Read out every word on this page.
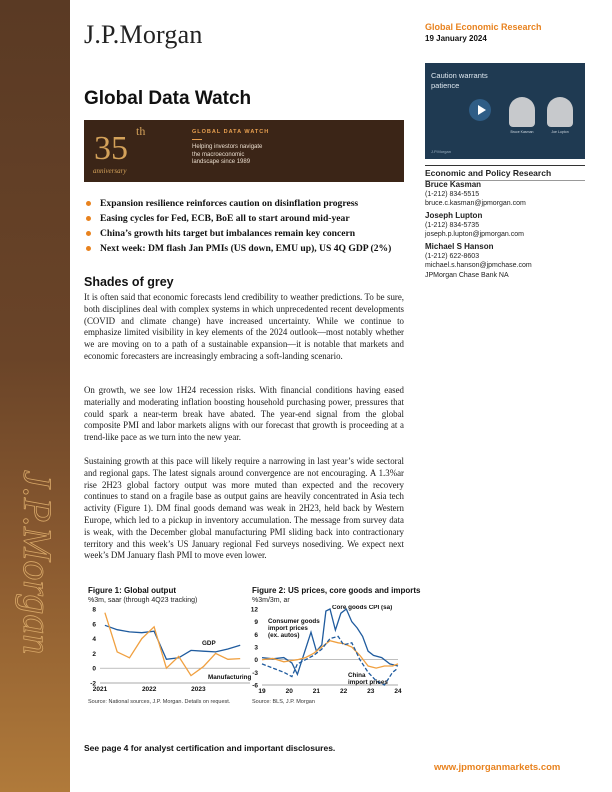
J.P.Morgan
J.P.Morgan	Global Economic Research
19 January 2024
Caution warrants patience
Bruce Kasman	Joe Lupton
J.P.Morgan
Global Data Watch
35 th
anniversary
GLOBAL DATA WATCH
Helping investors navigate
the macroeconomic
landscape since 1989
Economic and Policy Research
Bruce Kasman
(1-212) 834-5515
bruce.c.kasman@jpmorgan.com
Joseph Lupton
(1-212) 834-5735
joseph.p.lupton@jpmorgan.com
Michael S Hanson
(1-212) 622-8603
michael.s.hanson@jpmchase.com
JPMorgan Chase Bank NA
Expansion resilience reinforces caution on disinflation progress
Easing cycles for Fed, ECB, BoE all to start around mid-year
China’s growth hits target but imbalances remain key concern
Next week: DM flash Jan PMIs (US down, EMU up), US 4Q GDP (2%)
Shades of grey
It is often said that economic forecasts lend credibility to weather predictions. To be sure, both disciplines deal with complex systems in which unprecedented recent developments (COVID and climate change) have increased uncertainty. While we continue to emphasize limited visibility in key elements of the 2024 outlook—most notably whether we are moving on to a path of a sustainable expansion—it is notable that markets and economic forecasters are increasingly embracing a soft-landing scenario.
On growth, we see low 1H24 recession risks. With financial conditions having eased materially and moderating inflation boosting household purchasing power, pressures that could spark a near-term break have abated. The year-end signal from the global composite PMI and labor markets aligns with our forecast that growth is proceeding at a trend-like pace as we turn into the new year.
Sustaining growth at this pace will likely require a narrowing in last year’s wide sectoral and regional gaps. The latest signals around convergence are not encouraging. A 1.3%ar rise 2H23 global factory output was more muted than expected and the recovery continues to stand on a fragile base as output gains are heavily concentrated in Asia tech activity (Figure 1). DM final goods demand was weak in 2H23, held back by Western Europe, which led to a pickup in inventory accumulation. The message from survey data is weak, with the December global manufacturing PMI sliding back into contractionary territory and this week’s US January regional Fed surveys nosediving. We expect next week’s DM January flash PMI to move even lower.
Figure 1: Global output
%3m, saar (through 4Q23 tracking)
8
6
4
2
0
-2
2021	2022	2023
GDP
Manufacturing
Source: National sources, J.P. Morgan. Details on request.
Figure 2: US prices, core goods and imports
%3m/3m, ar
12
9
6
3
0
-3
-6
19	20	21	22	23	24
Core goods CPI (sa)
Consumer goods
import prices
(ex. autos)
China
import prices
Source: BLS, J.P. Morgan
See page 4 for analyst certification and important disclosures.
www.jpmorganmarkets.com
